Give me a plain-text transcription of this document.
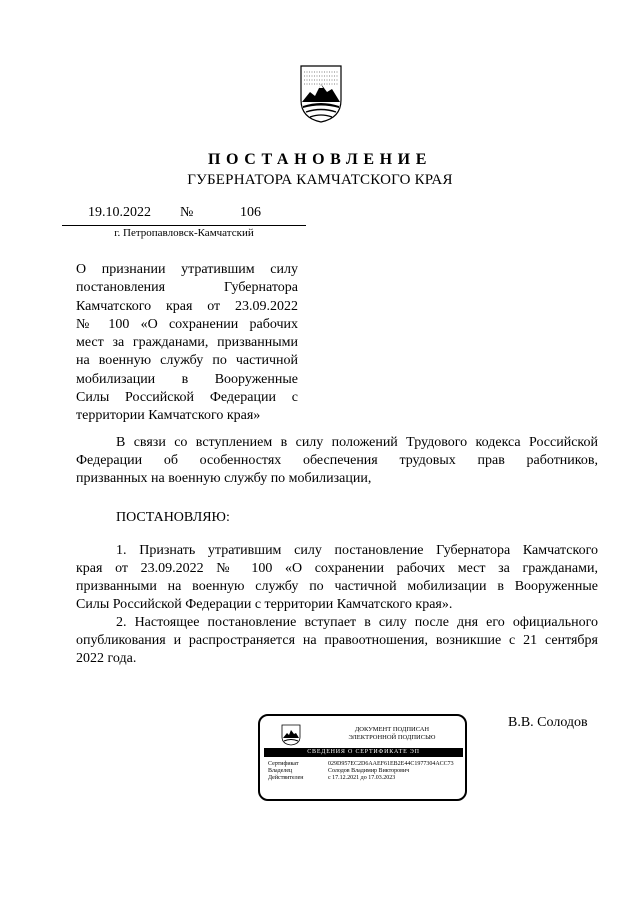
ПОСТАНОВЛЕНИЕ
ГУБЕРНАТОРА КАМЧАТСКОГО КРАЯ
19.10.2022 №	106
г. Петропавловск-Камчатский
О признании утратившим силу
постановления Губернатора
Камчатского края от 23.09.2022
№ 100 «О сохранении рабочих
мест за гражданами, призванными
на военную службу по частичной
мобилизации в Вооруженные
Силы Российской Федерации с
территории Камчатского края»
В связи со вступлением в силу положений Трудового кодекса Российской
Федерации об особенностях обеспечения трудовых прав работников,
призванных на военную службу по мобилизации,
ПОСТАНОВЛЯЮ:
1. Признать утратившим силу постановление Губернатора Камчатского
края от 23.09.2022 № 100 «О сохранении рабочих мест за гражданами,
призванными на военную службу по частичной мобилизации в Вооруженные
Силы Российской Федерации с территории Камчатского края».
2. Настоящее постановление вступает в силу после дня его официального
опубликования и распространяется на правоотношения, возникшие с 21 сентября
2022 года.
ДОКУМЕНТ ПОДПИСАН
ЭЛЕКТРОННОЙ ПОДПИСЬЮ
СВЕДЕНИЯ О СЕРТИФИКАТЕ ЭП
Сертификат	029D957EC2D6AAEF61EB2E44C1977304ACC73
Владелец	Солодов Владимир Викторович
Действителен	с 17.12.2021 до 17.03.2023
В.В. Солодов
